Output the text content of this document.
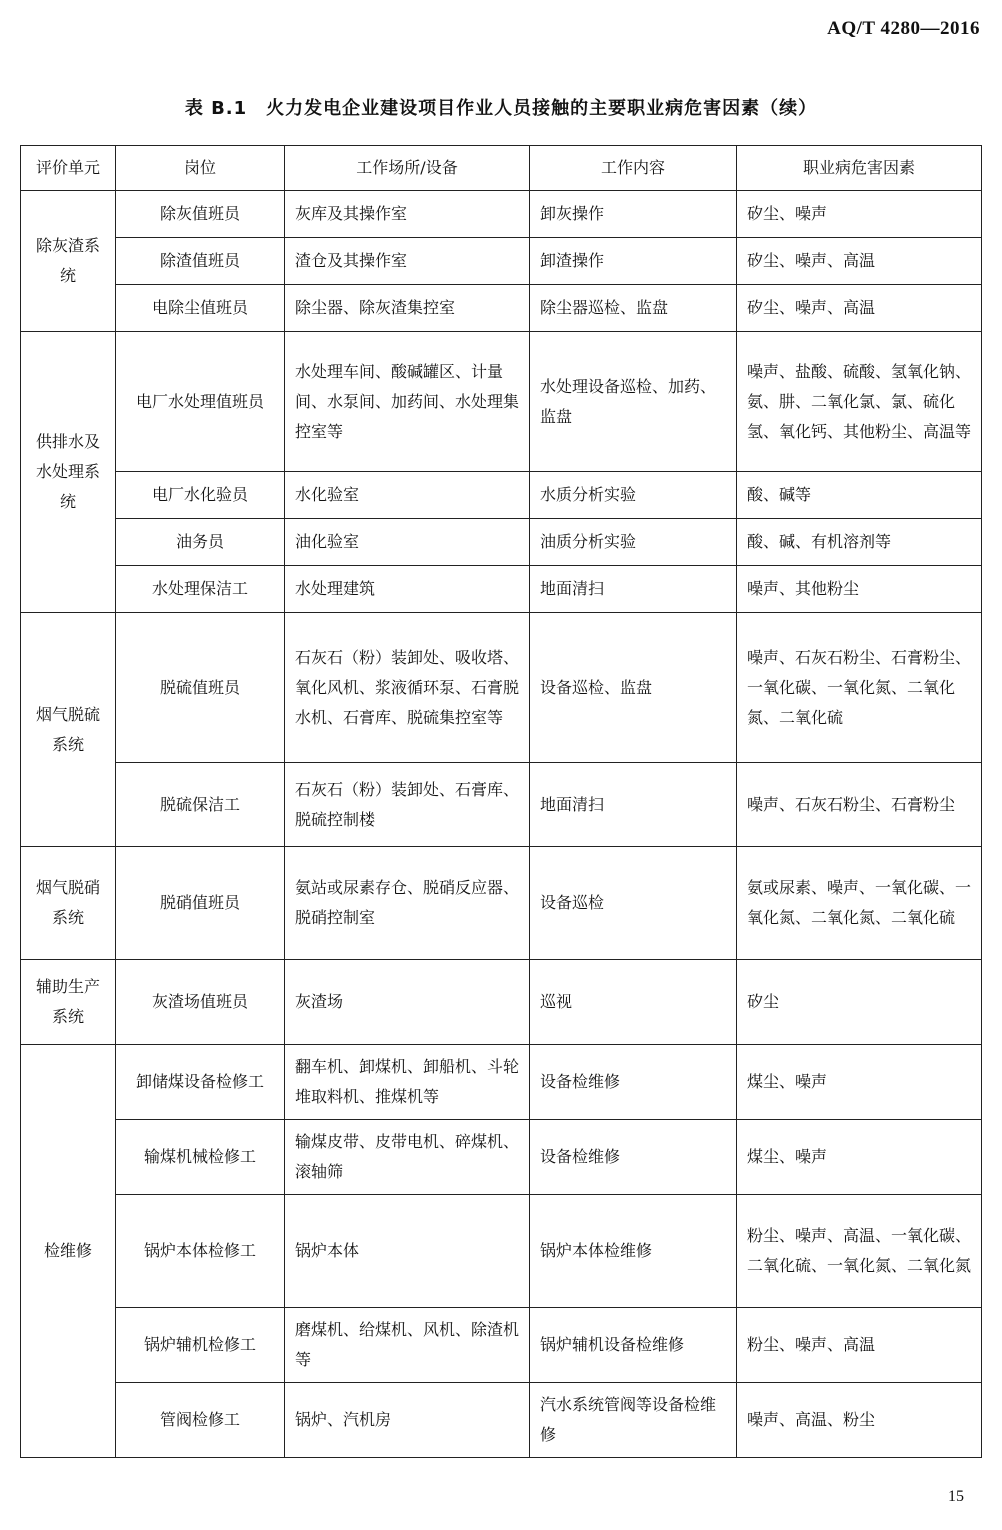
AQ/T 4280—2016
表 B.1　火力发电企业建设项目作业人员接触的主要职业病危害因素（续）
评价单元	岗位	工作场所/设备	工作内容	职业病危害因素
除灰渣系统	除灰值班员	灰库及其操作室	卸灰操作	矽尘、噪声
	除渣值班员	渣仓及其操作室	卸渣操作	矽尘、噪声、高温
	电除尘值班员	除尘器、除灰渣集控室	除尘器巡检、监盘	矽尘、噪声、高温
供排水及水处理系统	电厂水处理值班员	水处理车间、酸碱罐区、计量间、水泵间、加药间、水处理集控室等	水处理设备巡检、加药、监盘	噪声、盐酸、硫酸、氢氧化钠、氨、肼、二氧化氯、氯、硫化氢、氧化钙、其他粉尘、高温等
	电厂水化验员	水化验室	水质分析实验	酸、碱等
	油务员	油化验室	油质分析实验	酸、碱、有机溶剂等
	水处理保洁工	水处理建筑	地面清扫	噪声、其他粉尘
烟气脱硫系统	脱硫值班员	石灰石（粉）装卸处、吸收塔、氧化风机、浆液循环泵、石膏脱水机、石膏库、脱硫集控室等	设备巡检、监盘	噪声、石灰石粉尘、石膏粉尘、一氧化碳、一氧化氮、二氧化氮、二氧化硫
	脱硫保洁工	石灰石（粉）装卸处、石膏库、脱硫控制楼	地面清扫	噪声、石灰石粉尘、石膏粉尘
烟气脱硝系统	脱硝值班员	氨站或尿素存仓、脱硝反应器、脱硝控制室	设备巡检	氨或尿素、噪声、一氧化碳、一氧化氮、二氧化氮、二氧化硫
辅助生产系统	灰渣场值班员	灰渣场	巡视	矽尘
检维修	卸储煤设备检修工	翻车机、卸煤机、卸船机、斗轮堆取料机、推煤机等	设备检维修	煤尘、噪声
	输煤机械检修工	输煤皮带、皮带电机、碎煤机、滚轴筛	设备检维修	煤尘、噪声
	锅炉本体检修工	锅炉本体	锅炉本体检维修	粉尘、噪声、高温、一氧化碳、二氧化硫、一氧化氮、二氧化氮
	锅炉辅机检修工	磨煤机、给煤机、风机、除渣机等	锅炉辅机设备检维修	粉尘、噪声、高温
	管阀检修工	锅炉、汽机房	汽水系统管阀等设备检维修	噪声、高温、粉尘
15
